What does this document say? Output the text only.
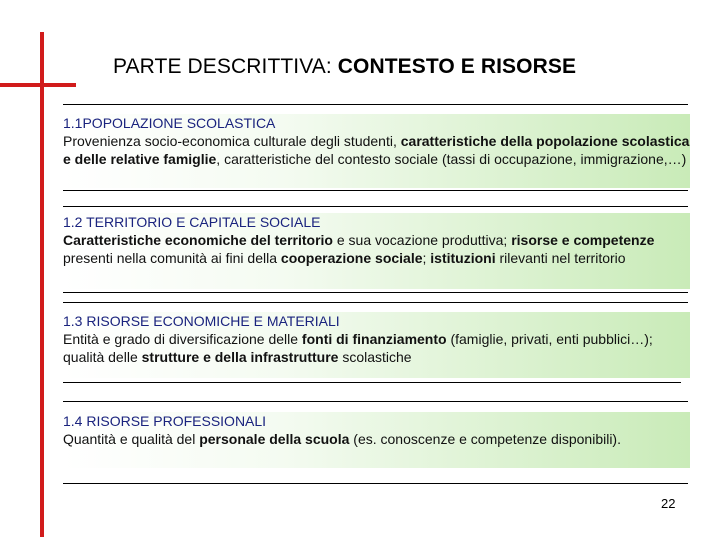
PARTE DESCRITTIVA: CONTESTO E RISORSE
1.1POPOLAZIONE SCOLASTICA
Provenienza socio-economica culturale degli studenti, caratteristiche della popolazione scolastica e delle relative famiglie, caratteristiche del contesto sociale (tassi di occupazione, immigrazione,…)
1.2 TERRITORIO E CAPITALE SOCIALE
Caratteristiche economiche del territorio e sua vocazione produttiva; risorse e competenze presenti nella comunità ai fini della cooperazione sociale; istituzioni rilevanti nel territorio
1.3 RISORSE ECONOMICHE E MATERIALI
Entità e grado di diversificazione delle fonti di finanziamento (famiglie, privati, enti pubblici…); qualità delle strutture e della infrastrutture scolastiche
1.4 RISORSE PROFESSIONALI
Quantità e qualità del personale della scuola (es. conoscenze e competenze disponibili).
22
